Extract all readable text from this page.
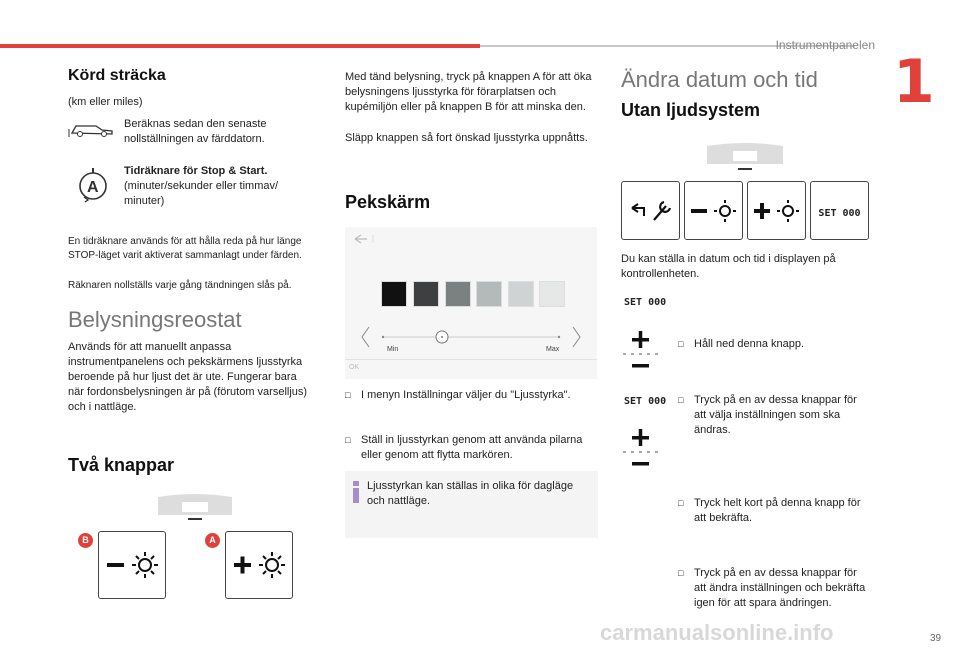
Instrumentpanelen
1
Körd sträcka
(km eller miles)
Beräknas sedan den senaste nollställningen av färddatorn.
A
Tidräknare för Stop & Start.
(minuter/sekunder eller timmav/ minuter)
En tidräknare används för att hålla reda på hur länge STOP-läget varit aktiverat sammanlagt under färden.
Räknaren nollställs varje gång tändningen slås på.
Belysningsreostat
Används för att manuellt anpassa instrumentpanelens och pekskärmens ljusstyrka beroende på hur ljust det är ute. Fungerar bara när fordonsbelysningen är på (förutom varselljus) och i nattläge.
Två knappar
B	A
Med tänd belysning, tryck på knappen A för att öka belysningens ljusstyrka för förarplatsen och kupémiljön eller på knappen B för att minska den.
Släpp knappen så fort önskad ljusstyrka uppnåtts.
Pekskärm
Min	Max
OK
□ I menyn Inställningar väljer du "Ljusstyrka".
□ Ställ in ljusstyrkan genom att använda pilarna eller genom att flytta markören.
Ljusstyrkan kan ställas in olika för dagläge och nattläge.
Ändra datum och tid
Utan ljudsystem
SET 000
Du kan ställa in datum och tid i displayen på kontrollenheten.
SET 000
□ Håll ned denna knapp.
□ Tryck på en av dessa knappar för att välja inställningen som ska ändras.
SET 000
□ Tryck helt kort på denna knapp för att bekräfta.
□ Tryck på en av dessa knappar för att ändra inställningen och bekräfta igen för att spara ändringen.
carmanualsonline.info	39
